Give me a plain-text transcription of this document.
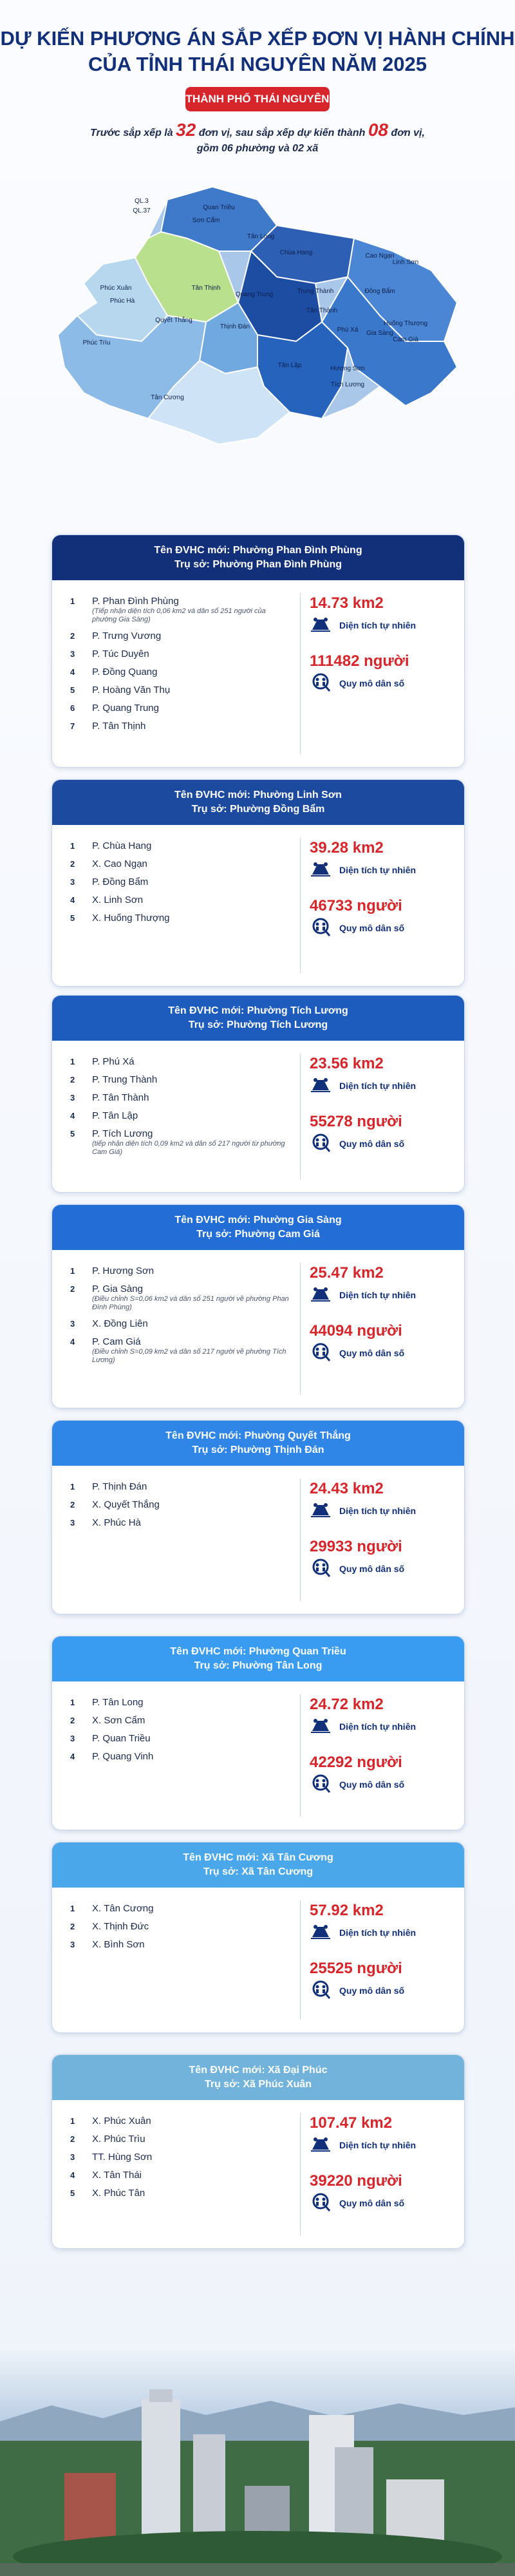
DỰ KIẾN PHƯƠNG ÁN SẮP XẾP ĐƠN VỊ HÀNH CHÍNH
CỦA TỈNH THÁI NGUYÊN NĂM 2025
THÀNH PHỐ THÁI NGUYÊN
Trước sắp xếp là 32 đơn vị, sau sắp xếp dự kiến thành 08 đơn vị,
gồm 06 phường và 02 xã
QL.3
QL.37
Sơn Cẩm
Phúc Hà
Quyết Thắng
Thịnh Đán
Tân Thịnh
Tích Lương
Tân Lập
Phúc Trìu
Phúc Xuân
Tân Cương
Hương Sơn
Cam Giá
Đồng Bẩm
Linh Sơn
Huống Thượng
Cao Ngạn
Chùa Hang
Quang Trung
Tân Long
Quan Triều
Phú Xá
Tân Thành
Trung Thành
Gia Sàng
Tên ĐVHC mới: Phường Phan Đình Phùng
Trụ sở: Phường Phan Đình Phùng
1	P. Phan Đình Phùng
(Tiếp nhận diện tích 0,06 km2 và dân số 251 người của phường Gia Sàng)
2	P. Trưng Vương
3	P. Túc Duyên
4	P. Đồng Quang
5	P. Hoàng Văn Thụ
6	P. Quang Trung
7	P. Tân Thịnh
14.73 km2
Diện tích tự nhiên
111482 người
Quy mô dân số
Tên ĐVHC mới: Phường Linh Sơn
Trụ sở: Phường Đồng Bẩm
1	P. Chùa Hang
2	X. Cao Ngạn
3	P. Đồng Bẩm
4	X. Linh Sơn
5	X. Huống Thượng
39.28 km2
Diện tích tự nhiên
46733 người
Quy mô dân số
Tên ĐVHC mới: Phường Tích Lương
Trụ sở: Phường Tích Lương
1	P. Phú Xá
2	P. Trung Thành
3	P. Tân Thành
4	P. Tân Lập
5	P. Tích Lương
(tiếp nhận diện tích 0,09 km2 và dân số 217 người từ phường Cam Giá)
23.56 km2
Diện tích tự nhiên
55278 người
Quy mô dân số
Tên ĐVHC mới: Phường Gia Sàng
Trụ sở: Phường Cam Giá
1	P. Hương Sơn
2	P. Gia Sàng
(Điều chỉnh S=0,06 km2 và dân số 251 người về phường Phan Đình Phùng)
3	X. Đồng Liên
4	P. Cam Giá
(Điều chỉnh S=0,09 km2 và dân số 217 người về phường Tích Lương)
25.47 km2
Diện tích tự nhiên
44094 người
Quy mô dân số
Tên ĐVHC mới: Phường Quyết Thắng
Trụ sở: Phường Thịnh Đán
1	P. Thịnh Đán
2	X. Quyết Thắng
3	X. Phúc Hà
24.43 km2
Diện tích tự nhiên
29933 người
Quy mô dân số
Tên ĐVHC mới: Phường Quan Triều
Trụ sở: Phường Tân Long
1	P. Tân Long
2	X. Sơn Cẩm
3	P. Quan Triều
4	P. Quang Vinh
24.72 km2
Diện tích tự nhiên
42292 người
Quy mô dân số
Tên ĐVHC mới: Xã Tân Cương
Trụ sở: Xã Tân Cương
1	X. Tân Cương
2	X. Thịnh Đức
3	X. Bình Sơn
57.92 km2
Diện tích tự nhiên
25525 người
Quy mô dân số
Tên ĐVHC mới: Xã Đại Phúc
Trụ sở: Xã Phúc Xuân
1	X. Phúc Xuân
2	X. Phúc Trìu
3	TT. Hùng Sơn
4	X. Tân Thái
5	X. Phúc Tân
107.47 km2
Diện tích tự nhiên
39220 người
Quy mô dân số
